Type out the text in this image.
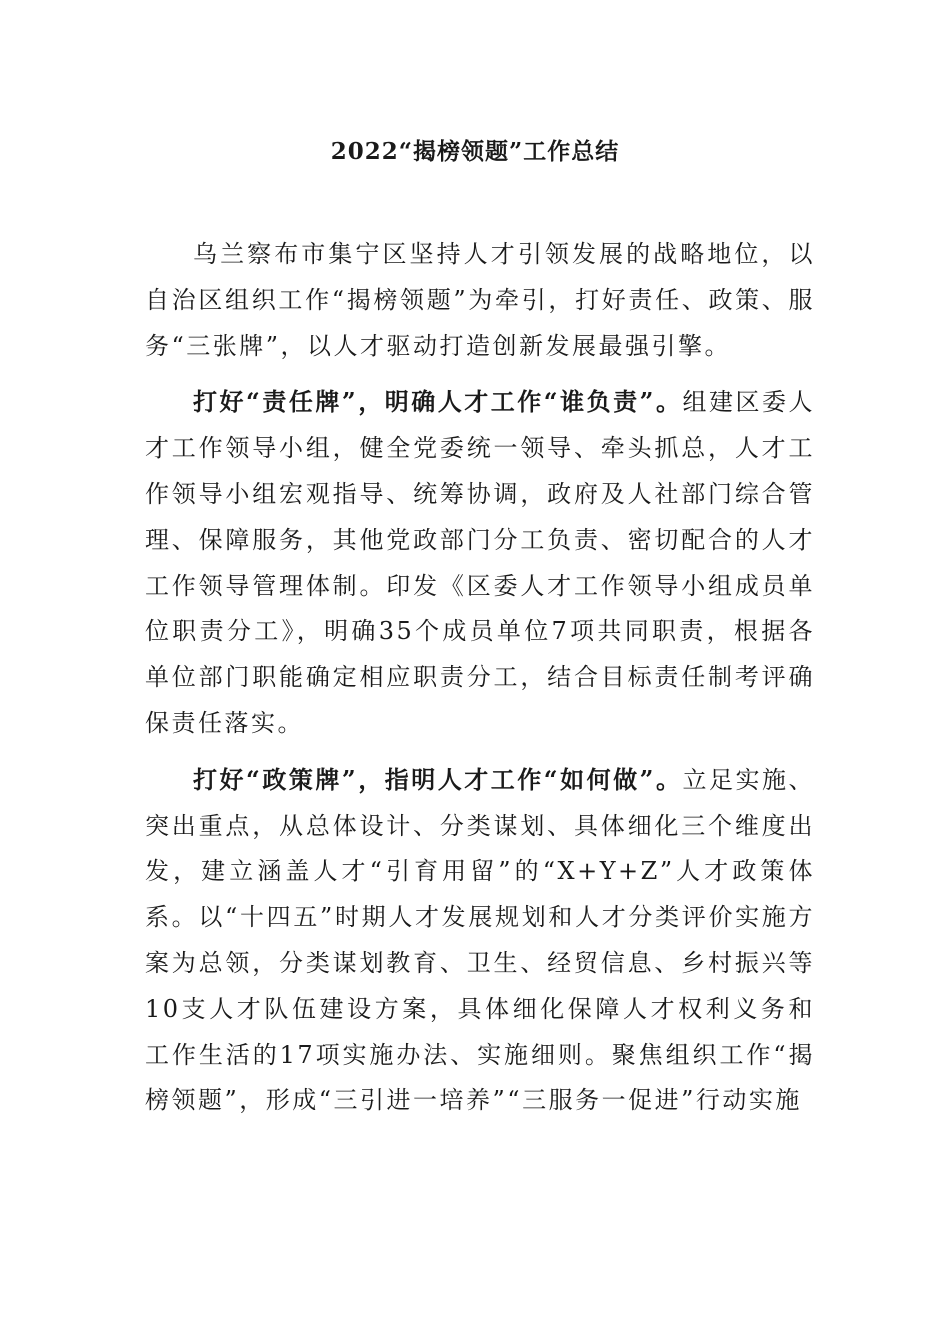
2022“揭榜领题”工作总结

乌兰察布市集宁区坚持人才引领发展的战略地位，以自治区组织工作“揭榜领题”为牵引，打好责任、政策、服务“三张牌”，以人才驱动打造创新发展最强引擎。

打好“责任牌”，明确人才工作“谁负责”。组建区委人才工作领导小组，健全党委统一领导、牵头抓总，人才工作领导小组宏观指导、统筹协调，政府及人社部门综合管理、保障服务，其他党政部门分工负责、密切配合的人才工作领导管理体制。印发《区委人才工作领导小组成员单位职责分工》，明确35个成员单位7项共同职责，根据各单位部门职能确定相应职责分工，结合目标责任制考评确保责任落实。

打好“政策牌”，指明人才工作“如何做”。立足实施、突出重点，从总体设计、分类谋划、具体细化三个维度出发，建立涵盖人才“引育用留”的“X+Y+Z”人才政策体系。以“十四五”时期人才发展规划和人才分类评价实施方案为总领，分类谋划教育、卫生、经贸信息、乡村振兴等10支人才队伍建设方案，具体细化保障人才权利义务和工作生活的17项实施办法、实施细则。聚焦组织工作“揭榜领题”，形成“三引进一培养”“三服务一促进”行动实施
